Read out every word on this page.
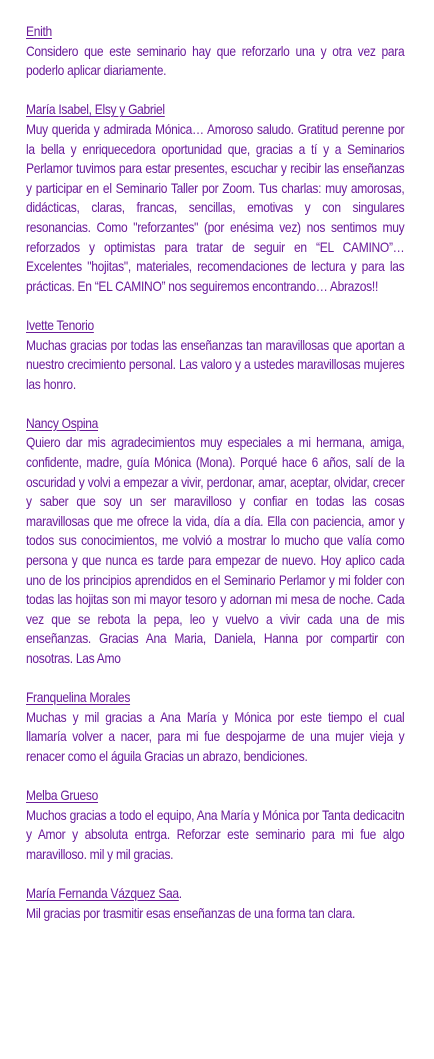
Enith

Considero que este seminario hay que reforzarlo una y otra vez para poderlo aplicar diariamente.

María Isabel, Elsy y Gabriel

Muy querida y admirada Mónica… Amoroso saludo. Gratitud perenne por la bella y enriquecedora oportunidad que, gracias a tí y a Seminarios Perlamor tuvimos para estar presentes, escuchar y recibir las enseñanzas y participar en el Seminario Taller por Zoom. Tus charlas: muy amorosas, didácticas, claras, francas, sencillas, emotivas y con singulares resonancias. Como "reforzantes" (por enésima vez) nos sentimos muy reforzados y optimistas para tratar de seguir en “EL CAMINO”…Excelentes "hojitas", materiales, recomendaciones de lectura y para las prácticas. En “EL CAMINO” nos seguiremos encontrando… Abrazos!!

Ivette Tenorio

Muchas gracias por todas las enseñanzas tan maravillosas que aportan a nuestro crecimiento personal. Las valoro y a ustedes maravillosas mujeres las honro.

Nancy Ospina

Quiero dar mis agradecimientos muy especiales a mi hermana, amiga, confidente, madre, guía Mónica (Mona). Porqué hace 6 años, salí de la oscuridad y volvi a empezar a vivir, perdonar, amar, aceptar, olvidar, crecer y saber que soy un ser maravilloso y confiar en todas las cosas maravillosas que me ofrece la vida, día a día. Ella con paciencia, amor y todos sus conocimientos, me volvió a mostrar lo mucho que valía como persona y que nunca es tarde para empezar de nuevo. Hoy aplico cada uno de los principios aprendidos en el Seminario Perlamor y mi folder con todas las hojitas son mi mayor tesoro y adornan mi mesa de noche. Cada vez que se rebota la pepa, leo y vuelvo a vivir cada una de mis enseñanzas. Gracias Ana Maria, Daniela, Hanna por compartir con nosotras. Las Amo

Franquelina Morales

Muchas y mil gracias a Ana María y Mónica por este tiempo el cual llamaría volver a nacer, para mi fue despojarme de una mujer vieja y renacer como el águila Gracias un abrazo, bendiciones.

Melba Grueso

Muchos gracias a todo el equipo, Ana María y Mónica por Tanta dedicacitn y Amor y absoluta entrga. Reforzar este seminario para mi fue algo maravilloso. mil y mil gracias.

María Fernanda Vázquez Saa.

Mil gracias por trasmitir esas enseñanzas de una forma tan clara.
